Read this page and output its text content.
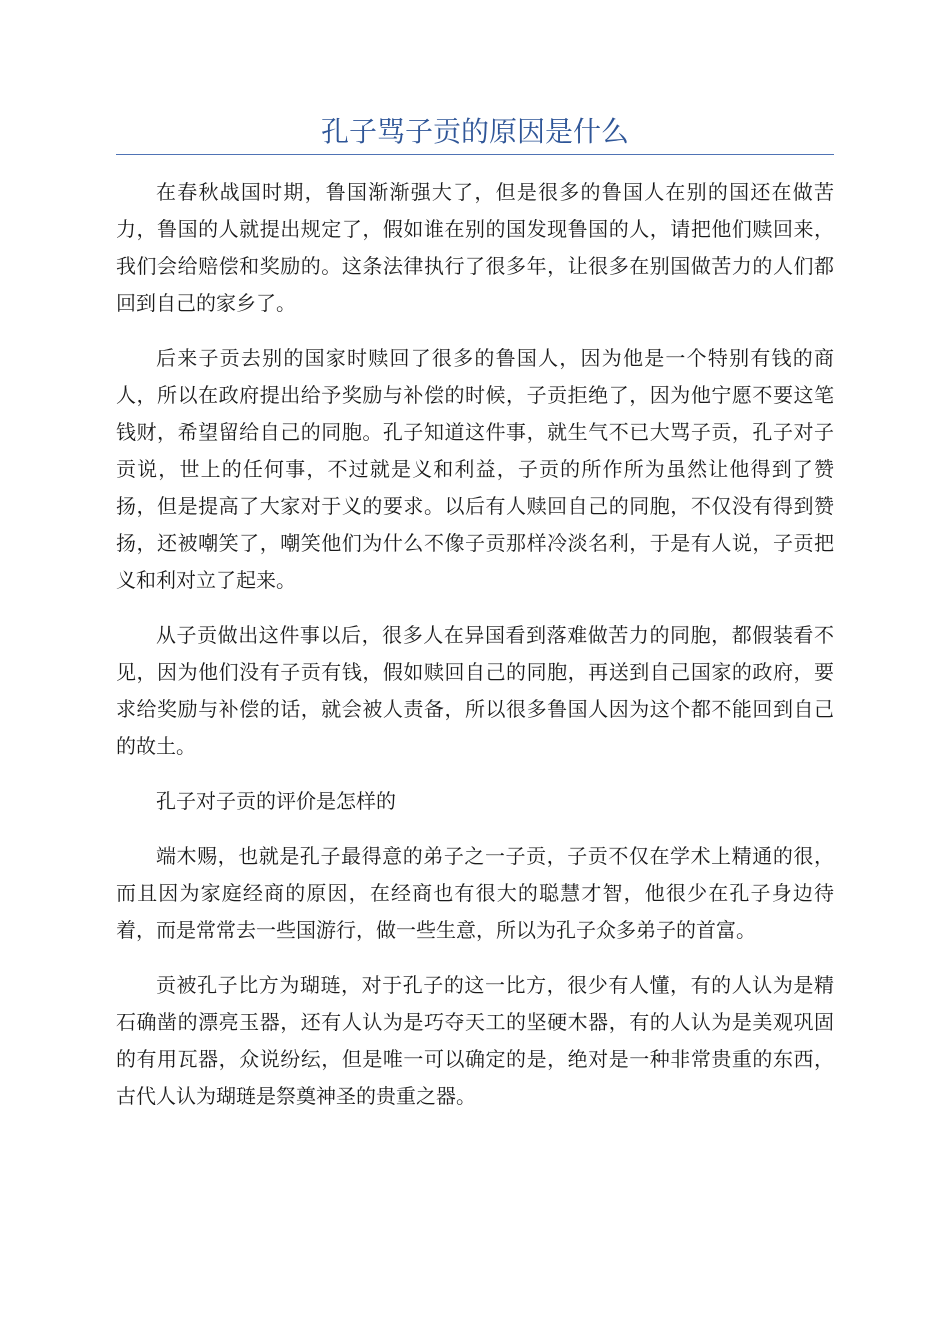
孔子骂子贡的原因是什么

在春秋战国时期，鲁国渐渐强大了，但是很多的鲁国人在别的国还在做苦力，鲁国的人就提出规定了，假如谁在别的国发现鲁国的人，请把他们赎回来，我们会给赔偿和奖励的。这条法律执行了很多年，让很多在别国做苦力的人们都回到自己的家乡了。

后来子贡去别的国家时赎回了很多的鲁国人，因为他是一个特别有钱的商人，所以在政府提出给予奖励与补偿的时候，子贡拒绝了，因为他宁愿不要这笔钱财，希望留给自己的同胞。孔子知道这件事，就生气不已大骂子贡，孔子对子贡说，世上的任何事，不过就是义和利益，子贡的所作所为虽然让他得到了赞扬，但是提高了大家对于义的要求。以后有人赎回自己的同胞，不仅没有得到赞扬，还被嘲笑了，嘲笑他们为什么不像子贡那样冷淡名利，于是有人说，子贡把义和利对立了起来。

从子贡做出这件事以后，很多人在异国看到落难做苦力的同胞，都假装看不见，因为他们没有子贡有钱，假如赎回自己的同胞，再送到自己国家的政府，要求给奖励与补偿的话，就会被人责备，所以很多鲁国人因为这个都不能回到自己的故土。

孔子对子贡的评价是怎样的

端木赐，也就是孔子最得意的弟子之一子贡，子贡不仅在学术上精通的很，而且因为家庭经商的原因，在经商也有很大的聪慧才智，他很少在孔子身边待着，而是常常去一些国游行，做一些生意，所以为孔子众多弟子的首富。

贡被孔子比方为瑚琏，对于孔子的这一比方，很少有人懂，有的人认为是精石确凿的漂亮玉器，还有人认为是巧夺天工的坚硬木器，有的人认为是美观巩固的有用瓦器，众说纷纭，但是唯一可以确定的是，绝对是一种非常贵重的东西，古代人认为瑚琏是祭奠神圣的贵重之器。
